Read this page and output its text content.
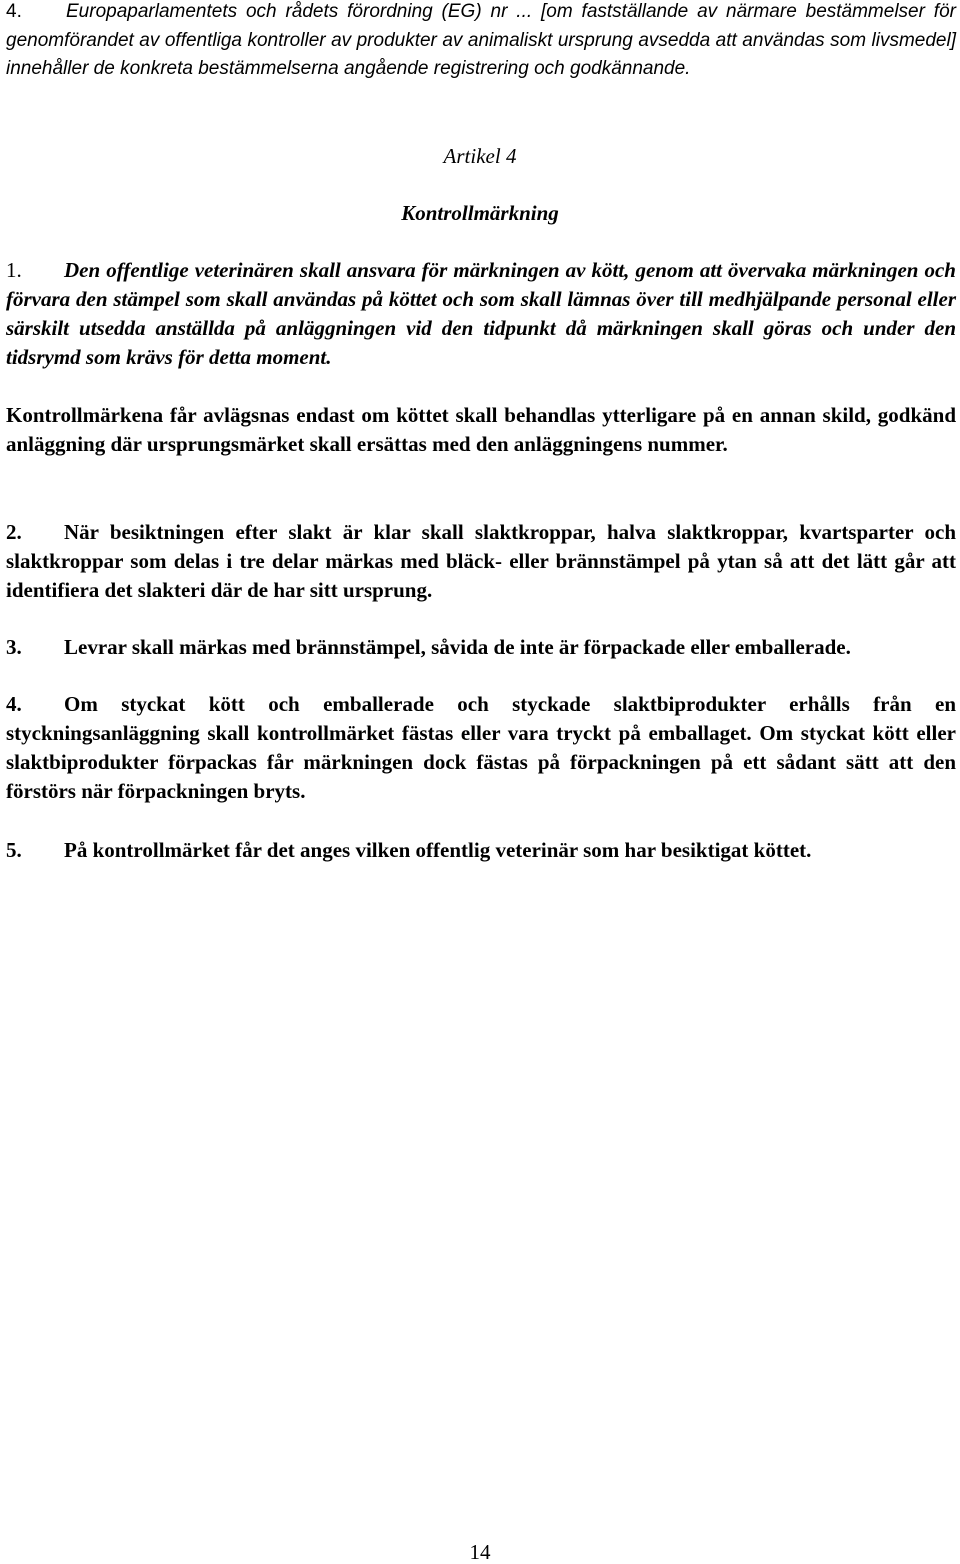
4. Europaparlamentets och rådets förordning (EG) nr ... [om fastställande av närmare bestämmelser för genomförandet av offentliga kontroller av produkter av animaliskt ursprung avsedda att användas som livsmedel] innehåller de konkreta bestämmelserna angående registrering och godkännande.

Artikel 4

Kontrollmärkning

1. Den offentlige veterinären skall ansvara för märkningen av kött, genom att övervaka märkningen och förvara den stämpel som skall användas på köttet och som skall lämnas över till medhjälpande personal eller särskilt utsedda anställda på anläggningen vid den tidpunkt då märkningen skall göras och under den tidsrymd som krävs för detta moment.

Kontrollmärkena får avlägsnas endast om köttet skall behandlas ytterligare på en annan skild, godkänd anläggning där ursprungsmärket skall ersättas med den anläggningens nummer.

2. När besiktningen efter slakt är klar skall slaktkroppar, halva slaktkroppar, kvartsparter och slaktkroppar som delas i tre delar märkas med bläck- eller brännstämpel på ytan så att det lätt går att identifiera det slakteri där de har sitt ursprung.

3. Levrar skall märkas med brännstämpel, såvida de inte är förpackade eller emballerade.

4. Om styckat kött och emballerade och styckade slaktbiprodukter erhålls från en styckningsanläggning skall kontrollmärket fästas eller vara tryckt på emballaget. Om styckat kött eller slaktbiprodukter förpackas får märkningen dock fästas på förpackningen på ett sådant sätt att den förstörs när förpackningen bryts.

5. På kontrollmärket får det anges vilken offentlig veterinär som har besiktigat köttet.

14
